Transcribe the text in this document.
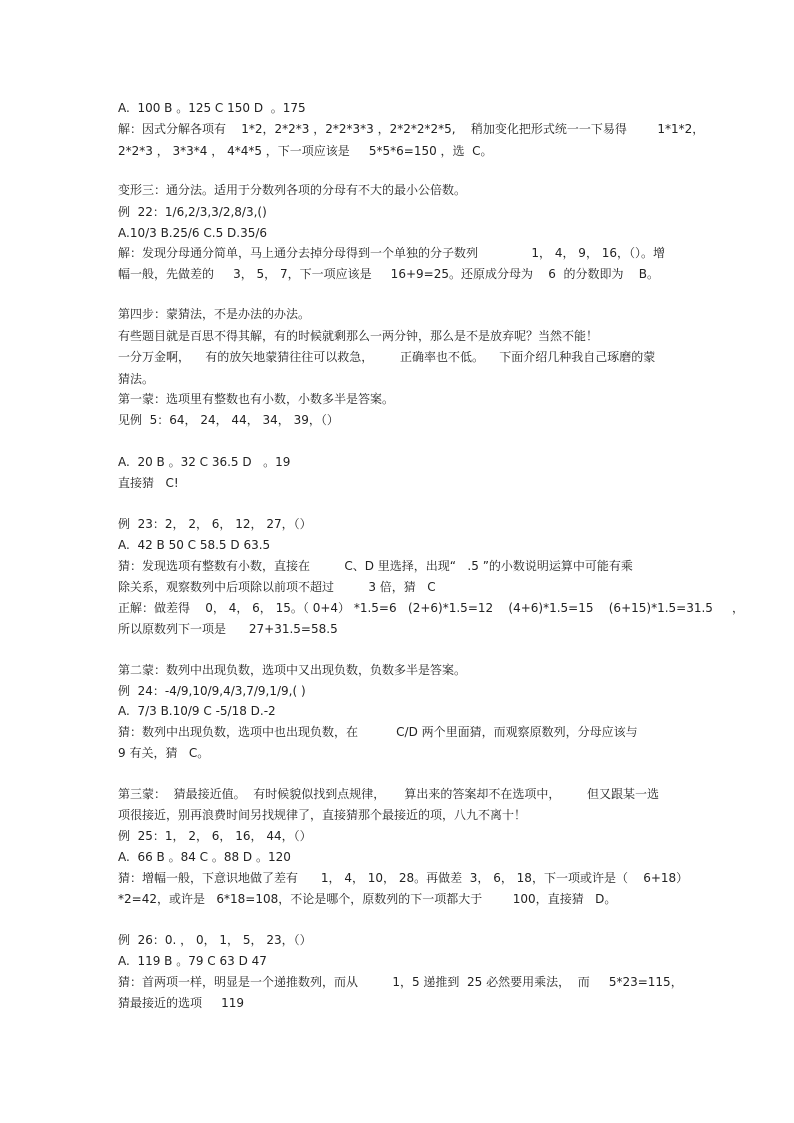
A.  100 B 。125 C 150 D  。175
解：因式分解各项有    1*2，2*2*3 ，2*2*3*3 ，2*2*2*2*5,    稍加变化把形式统一一下易得        1*1*2，
2*2*3 ， 3*3*4 ， 4*4*5 ，下一项应该是     5*5*6=150 ，选  C。
变形三：通分法。适用于分数列各项的分母有不大的最小公倍数。
例  22：1/6,2/3,3/2,8/3,()
A.10/3 B.25/6 C.5 D.35/6
解：发现分母通分简单，马上通分去掉分母得到一个单独的分子数列              1， 4， 9， 16，（）。增
幅一般，先做差的     3， 5， 7，下一项应该是     16+9=25。还原成分母为    6  的分数即为    B。
第四步：蒙猜法，不是办法的办法。
有些题目就是百思不得其解，有的时候就剩那么一两分钟，那么是不是放弃呢？当然不能！
一分万金啊，    有的放矢地蒙猜往往可以救急，       正确率也不低。    下面介绍几种我自己琢磨的蒙
猜法。
第一蒙：选项里有整数也有小数，小数多半是答案。
见例  5：64， 24， 44， 34， 39，（）
A.  20 B 。32 C 36.5 D   。19
直接猜   C!
例  23：2， 2， 6， 12， 27，（）
A.  42 B 50 C 58.5 D 63.5
猜：发现选项有整数有小数，直接在         C、D 里选择，出现“   .5 ”的小数说明运算中可能有乘
除关系，观察数列中后项除以前项不超过         3 倍，猜   C
正解：做差得    0， 4， 6， 15。（ 0+4） *1.5=6   (2+6)*1.5=12    (4+6)*1.5=15    (6+15)*1.5=31.5     ，
所以原数列下一项是      27+31.5=58.5
第二蒙：数列中出现负数，选项中又出现负数，负数多半是答案。
例  24：-4/9,10/9,4/3,7/9,1/9,( )
A.  7/3 B.10/9 C -5/18 D.-2
猜：数列中出现负数，选项中也出现负数，在          C/D 两个里面猜，而观察原数列，分母应该与
9 有关，猜   C。
第三蒙：  猜最接近值。  有时候貌似找到点规律，     算出来的答案却不在选项中，       但又跟某一选
项很接近，别再浪费时间另找规律了，直接猜那个最接近的项，八九不离十！
例  25：1， 2， 6， 16， 44，（）
A.  66 B 。84 C 。88 D 。120
猜：增幅一般，下意识地做了差有      1， 4， 10， 28。再做差  3， 6， 18，下一项或许是（    6+18）
*2=42，或许是   6*18=108，不论是哪个，原数列的下一项都大于        100，直接猜   D。
例  26：0. ， 0， 1， 5， 23，（）
A.  119 B 。79 C 63 D 47
猜：首两项一样，明显是一个递推数列，而从         1，5 递推到  25 必然要用乘法，  而     5*23=115，
猜最接近的选项     119
